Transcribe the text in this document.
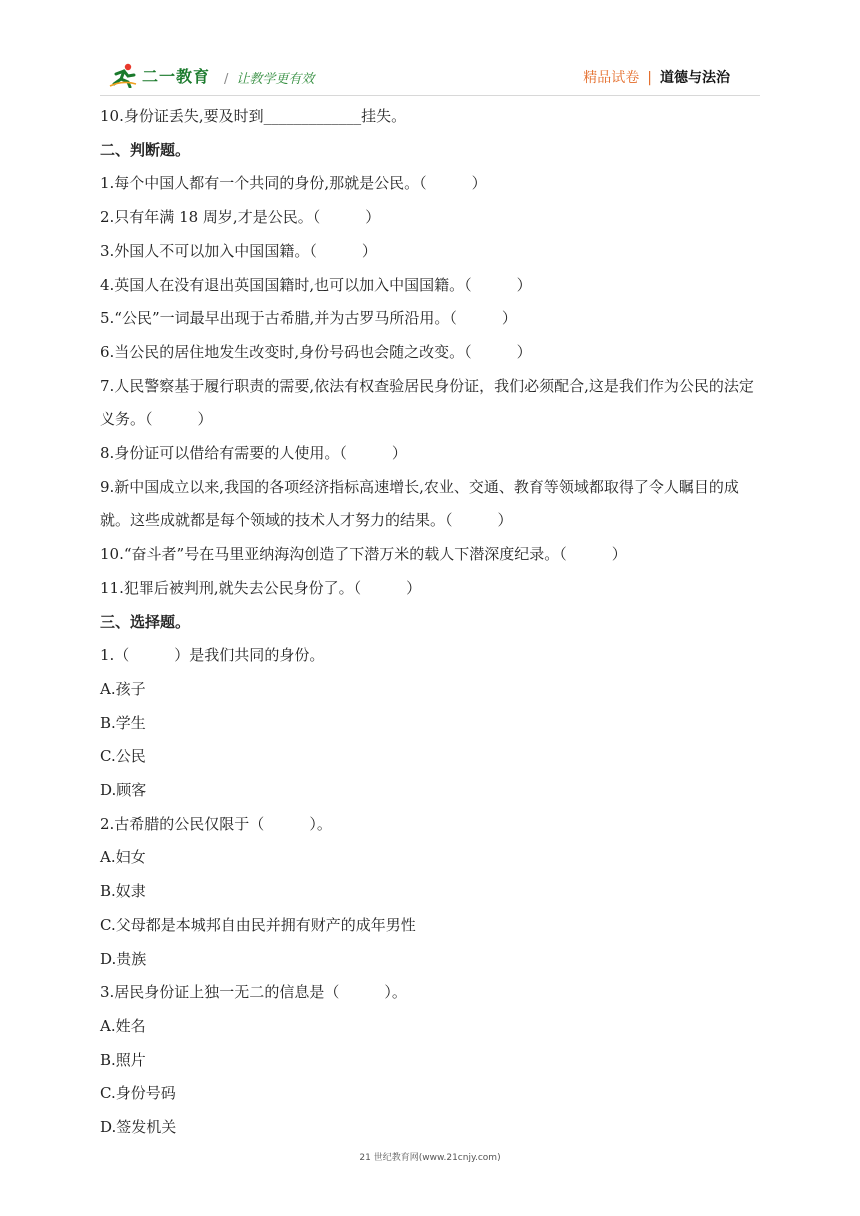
二一教育 / 让教学更有效	精品试卷 | 道德与法治
10.身份证丢失,要及时到_____________挂失。
二、判断题。
1.每个中国人都有一个共同的身份,那就是公民。（　　　）
2.只有年满 18 周岁,才是公民。（　　　）
3.外国人不可以加入中国国籍。（　　　）
4.英国人在没有退出英国国籍时,也可以加入中国国籍。（　　　）
5.“公民”一词最早出现于古希腊,并为古罗马所沿用。（　　　）
6.当公民的居住地发生改变时,身份号码也会随之改变。（　　　）
7.人民警察基于履行职责的需要,依法有权查验居民身份证，我们必须配合,这是我们作为公民的法定义务。（　　　）
8.身份证可以借给有需要的人使用。（　　　）
9.新中国成立以来,我国的各项经济指标高速增长,农业、交通、教育等领域都取得了令人瞩目的成就。这些成就都是每个领域的技术人才努力的结果。（　　　）
10.“奋斗者”号在马里亚纳海沟创造了下潜万米的载人下潜深度纪录。（　　　）
11.犯罪后被判刑,就失去公民身份了。（　　　）
三、选择题。
1.（　　　）是我们共同的身份。
A.孩子
B.学生
C.公民
D.顾客
2.古希腊的公民仅限于（　　　）。
A.妇女
B.奴隶
C.父母都是本城邦自由民并拥有财产的成年男性
D.贵族
3.居民身份证上独一无二的信息是（　　　）。
A.姓名
B.照片
C.身份号码
D.签发机关
21 世纪教育网(www.21cnjy.com)
